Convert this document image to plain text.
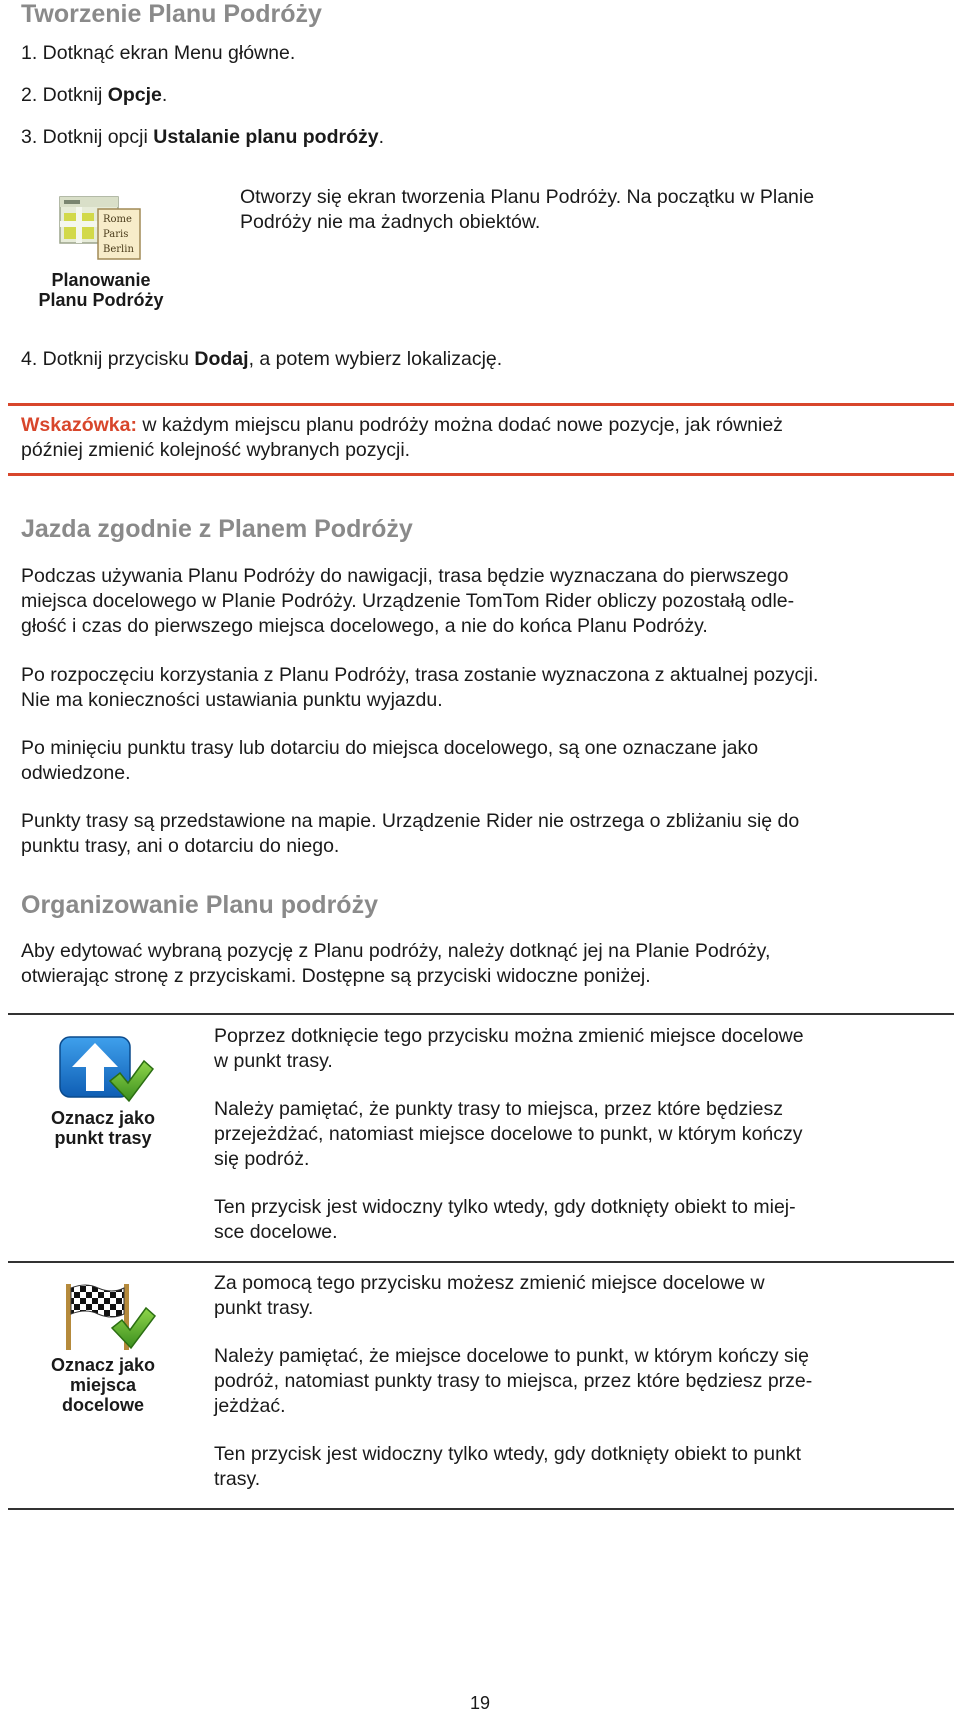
Tworzenie Planu Podróży
1. Dotknąć ekran Menu główne.
2. Dotknij Opcje.
3. Dotknij opcji Ustalanie planu podróży.
Rome
Paris
Berlin
Planowanie
Planu Podróży
Otworzy się ekran tworzenia Planu Podróży. Na początku w Planie
Podróży nie ma żadnych obiektów.
4. Dotknij przycisku Dodaj, a potem wybierz lokalizację.
Wskazówka: w każdym miejscu planu podróży można dodać nowe pozycje, jak również
później zmienić kolejność wybranych pozycji.
Jazda zgodnie z Planem Podróży
Podczas używania Planu Podróży do nawigacji, trasa będzie wyznaczana do pierwszego
miejsca docelowego w Planie Podróży. Urządzenie TomTom Rider obliczy pozostałą odle-
głość i czas do pierwszego miejsca docelowego, a nie do końca Planu Podróży.
Po rozpoczęciu korzystania z Planu Podróży, trasa zostanie wyznaczona z aktualnej pozycji.
Nie ma konieczności ustawiania punktu wyjazdu.
Po minięciu punktu trasy lub dotarciu do miejsca docelowego, są one oznaczane jako
odwiedzone.
Punkty trasy są przedstawione na mapie. Urządzenie Rider nie ostrzega o zbliżaniu się do
punktu trasy, ani o dotarciu do niego.
Organizowanie Planu podróży
Aby edytować wybraną pozycję z Planu podróży, należy dotknąć jej na Planie Podróży,
otwierając stronę z przyciskami. Dostępne są przyciski widoczne poniżej.
Oznacz jako
punkt trasy
Poprzez dotknięcie tego przycisku można zmienić miejsce docelowe
w punkt trasy.
Należy pamiętać, że punkty trasy to miejsca, przez które będziesz
przejeżdżać, natomiast miejsce docelowe to punkt, w którym kończy
się podróż.
Ten przycisk jest widoczny tylko wtedy, gdy dotknięty obiekt to miej-
sce docelowe.
Oznacz jako
miejsca
docelowe
Za pomocą tego przycisku możesz zmienić miejsce docelowe w
punkt trasy.
Należy pamiętać, że miejsce docelowe to punkt, w którym kończy się
podróż, natomiast punkty trasy to miejsca, przez które będziesz prze-
jeżdżać.
Ten przycisk jest widoczny tylko wtedy, gdy dotknięty obiekt to punkt
trasy.
19
